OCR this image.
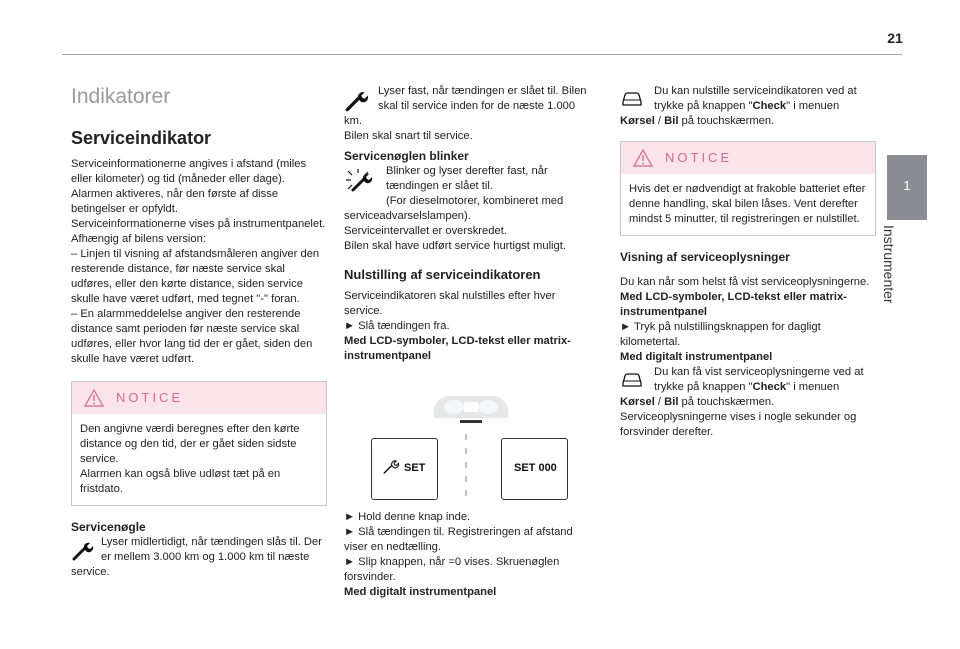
21
1
Instrumenter
Indikatorer
Serviceindikator

Serviceinformationerne angives i afstand (miles eller kilometer) og tid (måneder eller dage).

Alarmen aktiveres, når den første af disse betingelser er opfyldt.

Serviceinformationerne vises på instrumentpanelet. Afhængig af bilens version:

– Linjen til visning af afstandsmåleren angiver den resterende distance, før næste service skal udføres, eller den kørte distance, siden service skulle have været udført, med tegnet "-" foran.

– En alarmmeddelelse angiver den resterende distance samt perioden før næste service skal udføres, eller hvor lang tid der er gået, siden den skulle have været udført.

NOTICE

Den angivne værdi beregnes efter den kørte distance og den tid, der er gået siden sidste service.

Alarmen kan også blive udløst tæt på en fristdato.

Servicenøgle
Lyser midlertidigt, når tændingen slås til. Der er mellem 3.000 km og 1.000 km til næste service.
Lyser fast, når tændingen er slået til. Bilen skal til service inden for de næste 1.000 km.

Bilen skal snart til service.

Servicenøglen blinker
Blinker og lyser derefter fast, når tændingen er slået til.

(For dieselmotorer, kombineret med serviceadvarselslampen).

Serviceintervallet er overskredet.

Bilen skal have udført service hurtigst muligt.

Nulstilling af serviceindikatoren

Serviceindikatoren skal nulstilles efter hver service.

► Slå tændingen fra.

Med LCD-symboler, LCD-tekst eller matrix-instrumentpanel

SET	SET 000

► Hold denne knap inde.

► Slå tændingen til. Registreringen af afstand viser en nedtælling.

► Slip knappen, når =0 vises. Skruenøglen forsvinder.

Med digitalt instrumentpanel

Du kan nulstille serviceindikatoren ved at trykke på knappen "Check" i menuen Kørsel / Bil på touchskærmen.
NOTICE

Hvis det er nødvendigt at frakoble batteriet efter denne handling, skal bilen låses. Vent derefter mindst 5 minutter, til registreringen er nulstillet.

Visning af serviceoplysninger

Du kan når som helst få vist serviceoplysningerne.

Med LCD-symboler, LCD-tekst eller matrix-instrumentpanel

► Tryk på nulstillingsknappen for dagligt kilometertal.

Med digitalt instrumentpanel

Du kan få vist serviceoplysningerne ved at trykke på knappen "Check" i menuen Kørsel / Bil på touchskærmen.

Serviceoplysningerne vises i nogle sekunder og forsvinder derefter.
